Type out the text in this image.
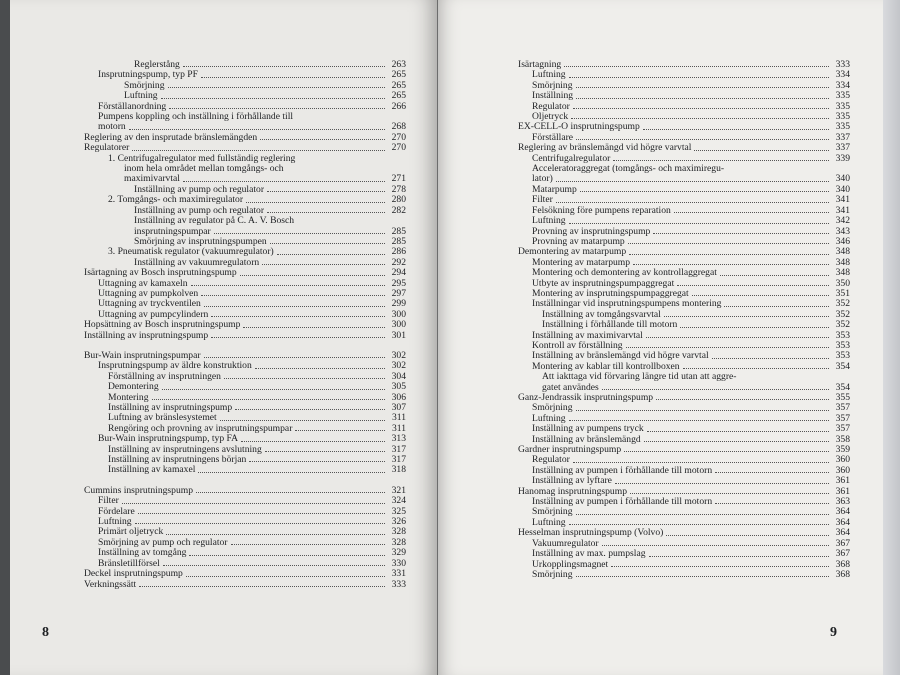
Reglerstång	263
Insprutningspump, typ PF	265
Smörjning	265
Luftning	265
Förställanordning	266
Pumpens koppling och inställning i förhållande till
motorn	268
Reglering av den insprutade bränslemängden	270
Regulatorer	270
1. Centrifugalregulator med fullständig reglering
inom hela området mellan tomgångs- och
maximivarvtal	271
Inställning av pump och regulator	278
2. Tomgångs- och maximiregulator	280
Inställning av pump och regulator	282
Inställning av regulator på C. A. V. Bosch
insprutningspumpar	285
Smörjning av insprutningspumpen	285
3. Pneumatisk regulator (vakuumregulator)	286
Inställning av vakuumregulatorn	292
Isärtagning av Bosch insprutningspump	294
Uttagning av kamaxeln	295
Uttagning av pumpkolven	297
Uttagning av tryckventilen	299
Uttagning av pumpcylindern	300
Hopsättning av Bosch insprutningspump	300
Inställning av insprutningspump	301
Bur-Wain insprutningspumpar	302
Insprutningspump av äldre konstruktion	302
Förställning av insprutningen	304
Demontering	305
Montering	306
Inställning av insprutningspump	307
Luftning av bränslesystemet	311
Rengöring och provning av insprutningspumpar	311
Bur-Wain insprutningspump, typ FA	313
Inställning av insprutningens avslutning	317
Inställning av insprutningens början	317
Inställning av kamaxel	318
Cummins insprutningspump	321
Filter	324
Fördelare	325
Luftning	326
Primärt oljetryck	328
Smörjning av pump och regulator	328
Inställning av tomgång	329
Bränsletillförsel	330
Deckel insprutningspump	331
Verkningssätt	333
8
Isärtagning	333
Luftning	334
Smörjning	334
Inställning	335
Regulator	335
Oljetryck	335
EX-CELL-O insprutningspump	335
Förställare	337
Reglering av bränslemängd vid högre varvtal	337
Centrifugalregulator	339
Acceleratoraggregat (tomgångs- och maximiregu-
lator)	340
Matarpump	340
Filter	341
Felsökning före pumpens reparation	341
Luftning	342
Provning av insprutningspump	343
Provning av matarpump	346
Demontering av matarpump	348
Montering av matarpump	348
Montering och demontering av kontrollaggregat	348
Utbyte av insprutningspumpaggregat	350
Montering av insprutningspumpaggregat	351
Inställningar vid insprutningspumpens montering	352
Inställning av tomgångsvarvtal	352
Inställning i förhållande till motorn	352
Inställning av maximivarvtal	353
Kontroll av förställning	353
Inställning av bränslemängd vid högre varvtal	353
Montering av kablar till kontrollboxen	354
Att iakttaga vid förvaring längre tid utan att aggre-
gatet användes	354
Ganz-Jendrassik insprutningspump	355
Smörjning	357
Luftning	357
Inställning av pumpens tryck	357
Inställning av bränslemängd	358
Gardner insprutningspump	359
Regulator	360
Inställning av pumpen i förhållande till motorn	360
Inställning av lyftare	361
Hanomag insprutningspump	361
Inställning av pumpen i förhållande till motorn	363
Smörjning	364
Luftning	364
Hesselman insprutningspump (Volvo)	364
Vakuumregulator	367
Inställning av max. pumpslag	367
Urkopplingsmagnet	368
Smörjning	368
9
